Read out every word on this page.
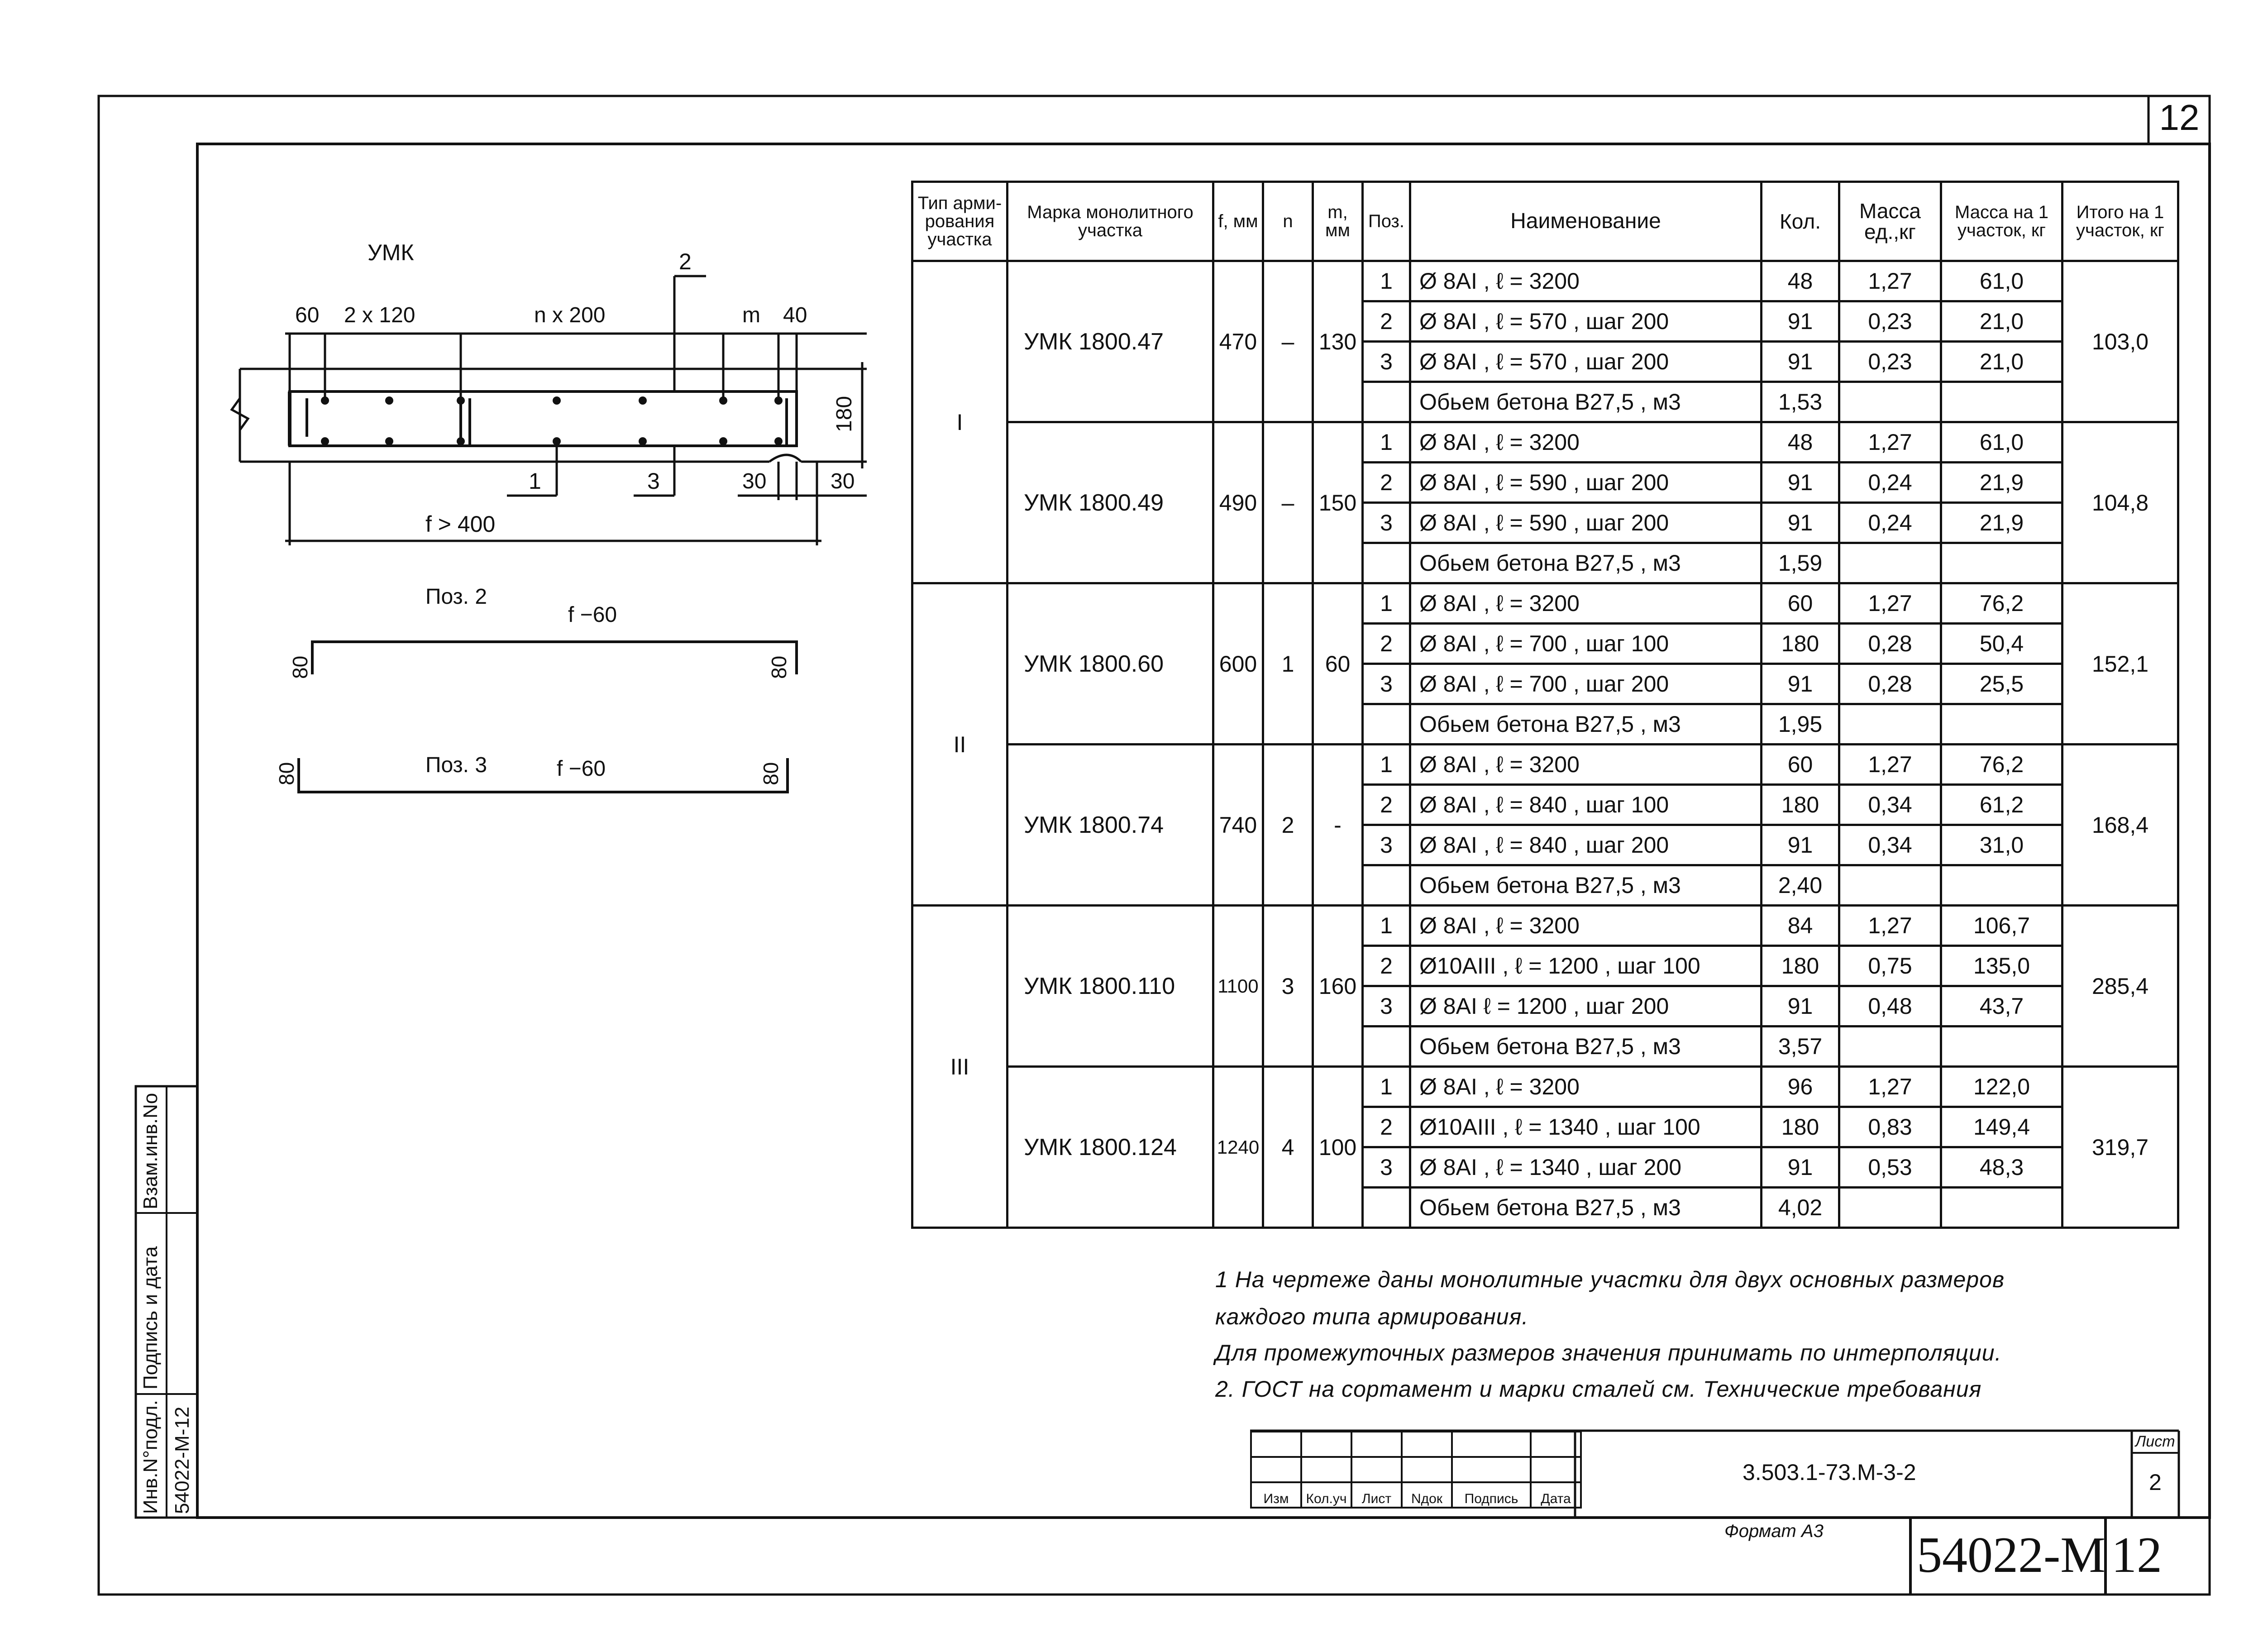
УМК
60 2 x 120	n x 200	m 40
180
30	30
f > 400
2
1	3
Поз. 2
f −60
80	80
Поз. 3	f −60
80	80
12
Тип арми- рования участка	Марка монолитного участка	f, мм	n	m, мм	Поз.	Наименование	Кол.	Масса ед.,кг	Масса на 1 участок, кг	Итого на 1 участок, кг
I	УМК 1800.47	470	–	130	1	Ø 8AI , ℓ = 3200	48	1,27	61,0	103,0
					2	Ø 8AI , ℓ = 570 , шаг 200	91	0,23	21,0	
					3	Ø 8AI , ℓ = 570 , шаг 200	91	0,23	21,0	
						Обьем бетона B27,5 , м3	1,53			
	УМК 1800.49	490	–	150	1	Ø 8AI , ℓ = 3200	48	1,27	61,0	104,8
					2	Ø 8AI , ℓ = 590 , шаг 200	91	0,24	21,9	
					3	Ø 8AI , ℓ = 590 , шаг 200	91	0,24	21,9	
						Обьем бетона B27,5 , м3	1,59			
II	УМК 1800.60	600	1	60	1	Ø 8AI , ℓ = 3200	60	1,27	76,2	152,1
					2	Ø 8AI , ℓ = 700 , шаг 100	180	0,28	50,4	
					3	Ø 8AI , ℓ = 700 , шаг 200	91	0,28	25,5	
						Обьем бетона B27,5 , м3	1,95			
	УМК 1800.74	740	2	-	1	Ø 8AI , ℓ = 3200	60	1,27	76,2	168,4
					2	Ø 8AI , ℓ = 840 , шаг 100	180	0,34	61,2	
					3	Ø 8AI , ℓ = 840 , шаг 200	91	0,34	31,0	
						Обьем бетона B27,5 , м3	2,40			
III	УМК 1800.110	1100	3	160	1	Ø 8AI , ℓ = 3200	84	1,27	106,7	285,4
					2	Ø10AIII , ℓ = 1200 , шаг 100	180	0,75	135,0	
					3	Ø 8AI ℓ = 1200 , шаг 200	91	0,48	43,7	
						Обьем бетона B27,5 , м3	3,57			
	УМК 1800.124	1240	4	100	1	Ø 8AI , ℓ = 3200	96	1,27	122,0	319,7
					2	Ø10AIII , ℓ = 1340 , шаг 100	180	0,83	149,4	
					3	Ø 8AI , ℓ = 1340 , шаг 200	91	0,53	48,3	
						Обьем бетона B27,5 , м3	4,02			
1 На чертеже даны монолитные участки для двух основных размеров
каждого типа армирования.
Для промежуточных размеров значения принимать по интерполяции.
2. ГОСТ на сортамент и марки сталей см. Технические требования

Изм	Кол.уч	Лист	Nдок	Подпись	Дата
3.503.1-73.М-3-2
Лист
2
Формат А3 54022-М 12
Инв.N°подл. 54022-М-12
Подпись и дата
Взам.инв.No
